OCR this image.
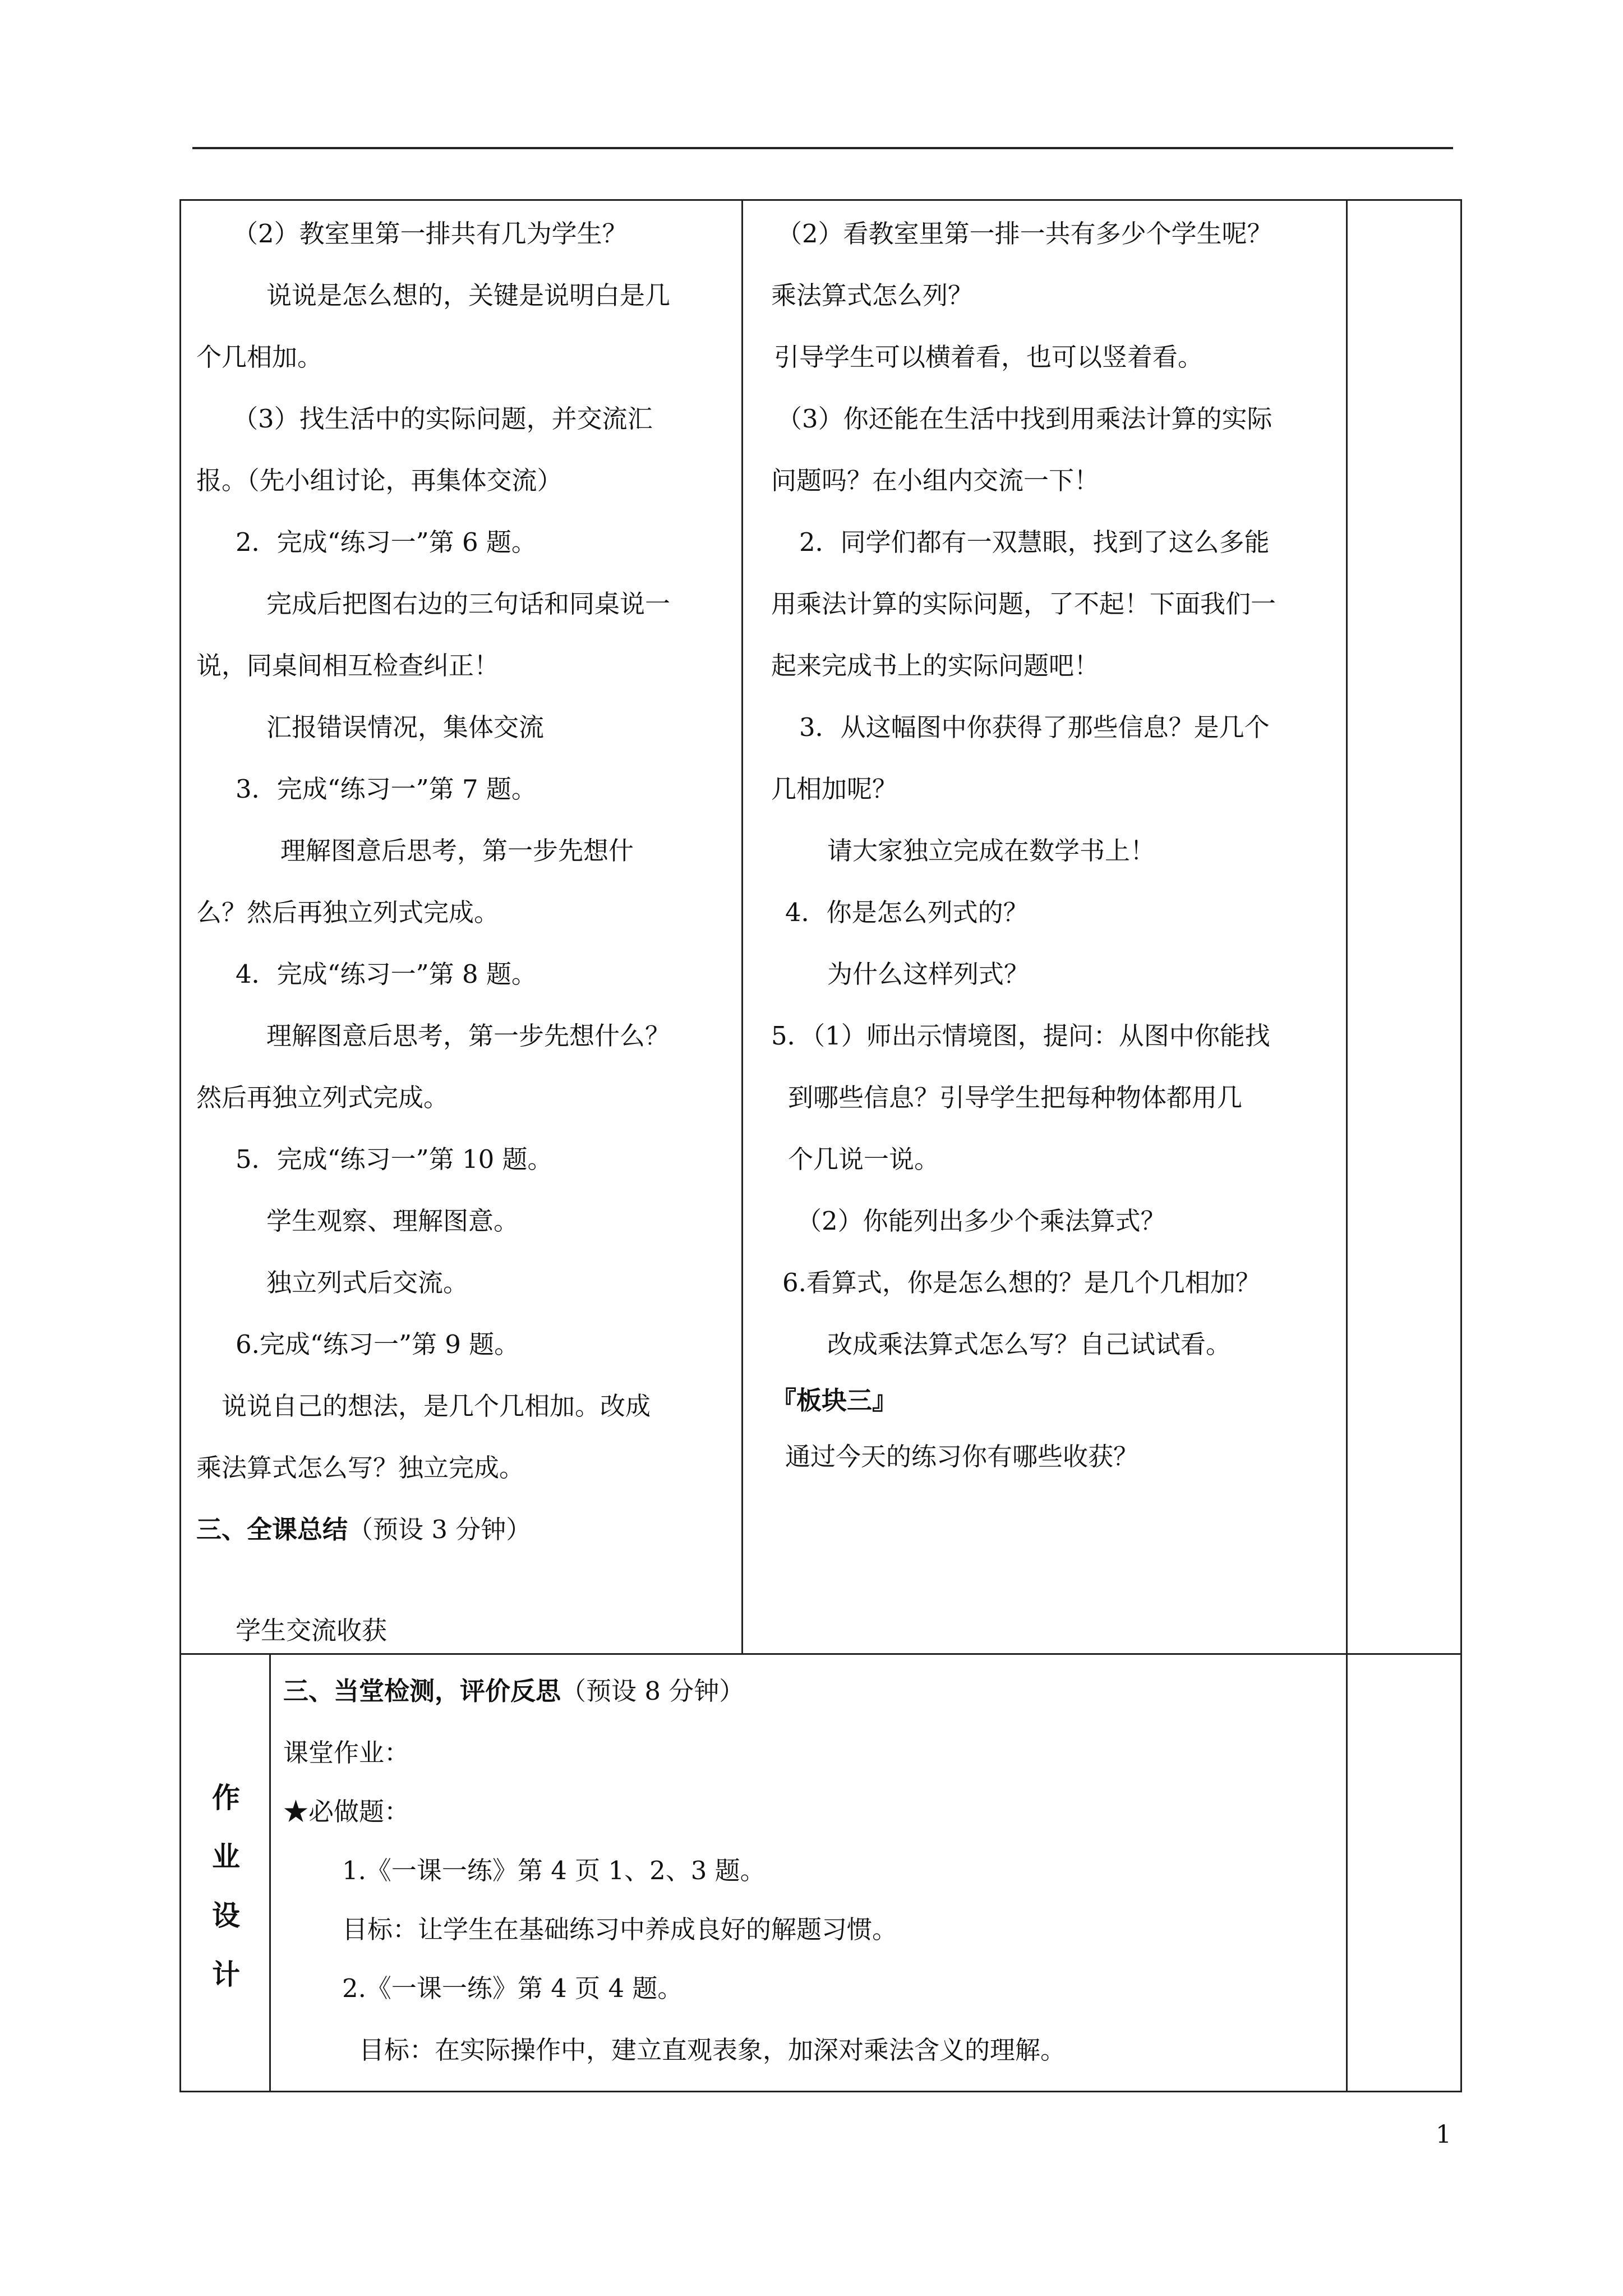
（2）教室里第一排共有几为学生？
说说是怎么想的，关键是说明白是几
个几相加。
（3）找生活中的实际问题，并交流汇
报。（先小组讨论，再集体交流）
2．完成“练习一”第 6 题。
完成后把图右边的三句话和同桌说一
说，同桌间相互检查纠正！
汇报错误情况，集体交流
3．完成“练习一”第 7 题。
理解图意后思考，第一步先想什
么？然后再独立列式完成。
4．完成“练习一”第 8 题。
理解图意后思考，第一步先想什么？
然后再独立列式完成。
5．完成“练习一”第 10 题。
学生观察、理解图意。
独立列式后交流。
6.完成“练习一”第 9 题。
说说自己的想法，是几个几相加。改成
乘法算式怎么写？独立完成。
三、全课总结（预设 3 分钟）
学生交流收获
（2）看教室里第一排一共有多少个学生呢？
乘法算式怎么列？
引导学生可以横着看，也可以竖着看。
（3）你还能在生活中找到用乘法计算的实际
问题吗？在小组内交流一下！
2．同学们都有一双慧眼，找到了这么多能
用乘法计算的实际问题，了不起！下面我们一
起来完成书上的实际问题吧！
3．从这幅图中你获得了那些信息？是几个
几相加呢？
请大家独立完成在数学书上！
4．你是怎么列式的？
为什么这样列式？
5．（1）师出示情境图，提问：从图中你能找
到哪些信息？引导学生把每种物体都用几
个几说一说。
（2）你能列出多少个乘法算式？
6.看算式，你是怎么想的？是几个几相加？
改成乘法算式怎么写？自己试试看。
『板块三』
通过今天的练习你有哪些收获？
作
业
设
计
三、当堂检测，评价反思（预设 8 分钟）
课堂作业：
★必做题：
1.《一课一练》第 4 页 1、2、3 题。
目标：让学生在基础练习中养成良好的解题习惯。
2.《一课一练》第 4 页 4 题。
目标：在实际操作中，建立直观表象，加深对乘法含义的理解。
1
